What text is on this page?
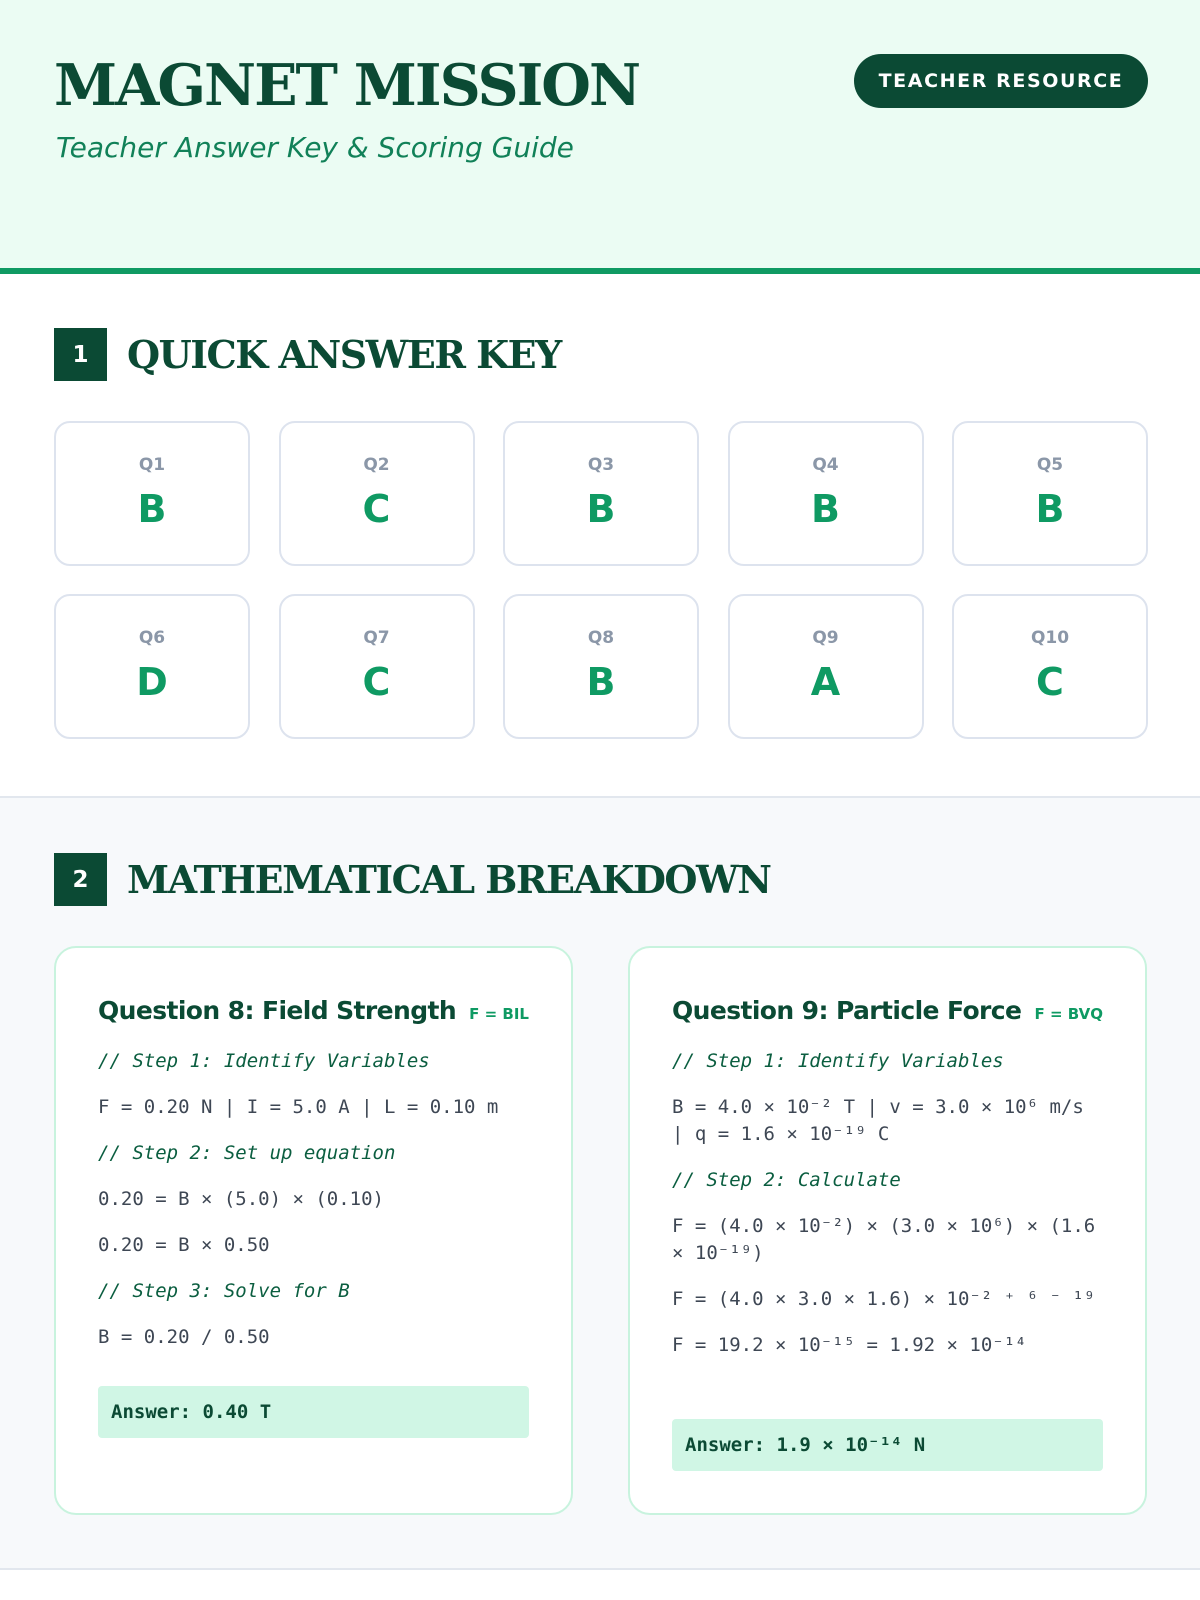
MAGNET MISSION
Teacher Answer Key & Scoring Guide
TEACHER RESOURCE
1	QUICK ANSWER KEY
Q1
B
Q2
C
Q3
B
Q4
B
Q5
B
Q6
D
Q7
C
Q8
B
Q9
A
Q10
C
2	MATHEMATICAL BREAKDOWN
Question 8: Field Strength F = BIL
// Step 1: Identify Variables
F = 0.20 N | I = 5.0 A | L = 0.10 m
// Step 2: Set up equation
0.20 = B × (5.0) × (0.10)
0.20 = B × 0.50
// Step 3: Solve for B
B = 0.20 / 0.50
Answer: 0.40 T
Question 9: Particle Force F = BVQ
// Step 1: Identify Variables
B = 4.0 × 10⁻² T | v = 3.0 × 10⁶ m/s | q = 1.6 × 10⁻¹⁹ C
// Step 2: Calculate
F = (4.0 × 10⁻²) × (3.0 × 10⁶) × (1.6 × 10⁻¹⁹)
F = (4.0 × 3.0 × 1.6) × 10⁻² ⁺ ⁶ ⁻ ¹⁹
F = 19.2 × 10⁻¹⁵ = 1.92 × 10⁻¹⁴
Answer: 1.9 × 10⁻¹⁴ N
